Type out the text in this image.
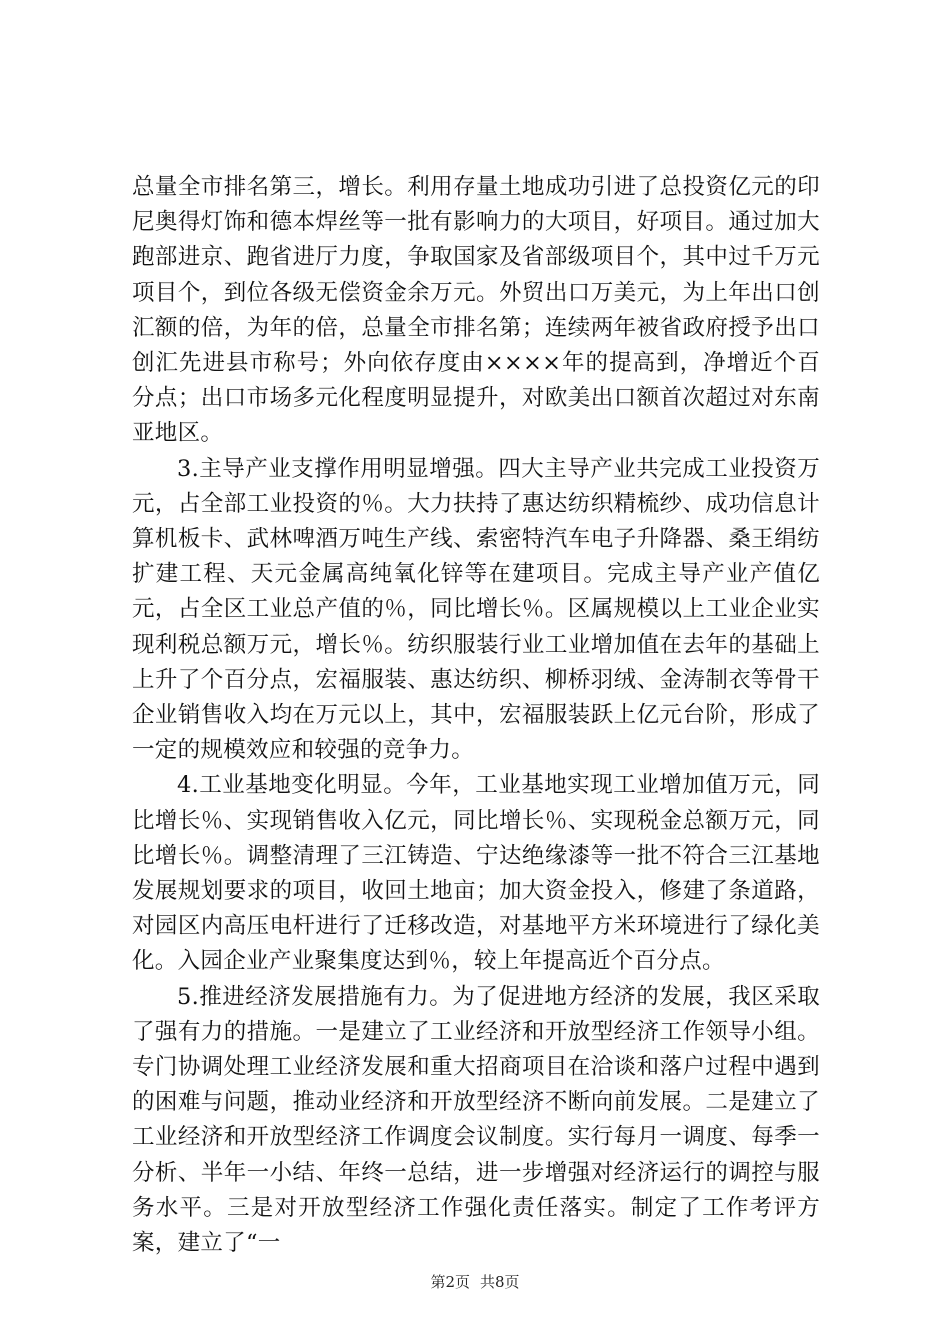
总量全市排名第三，增长。利用存量土地成功引进了总投资亿元的印尼奥得灯饰和德本焊丝等一批有影响力的大项目，好项目。通过加大跑部进京、跑省进厅力度，争取国家及省部级项目个，其中过千万元项目个，到位各级无偿资金余万元。外贸出口万美元，为上年出口创汇额的倍，为年的倍，总量全市排名第；连续两年被省政府授予出口创汇先进县市称号；外向依存度由××××年的提高到，净增近个百分点；出口市场多元化程度明显提升，对欧美出口额首次超过对东南亚地区。

3.主导产业支撑作用明显增强。四大主导产业共完成工业投资万元，占全部工业投资的％。大力扶持了惠达纺织精梳纱、成功信息计算机板卡、武林啤酒万吨生产线、索密特汽车电子升降器、桑王绢纺扩建工程、天元金属高纯氧化锌等在建项目。完成主导产业产值亿元，占全区工业总产值的％，同比增长％。区属规模以上工业企业实现利税总额万元，增长％。纺织服装行业工业增加值在去年的基础上上升了个百分点，宏福服装、惠达纺织、柳桥羽绒、金涛制衣等骨干企业销售收入均在万元以上，其中，宏福服装跃上亿元台阶，形成了一定的规模效应和较强的竞争力。

4.工业基地变化明显。今年，工业基地实现工业增加值万元，同比增长％、实现销售收入亿元，同比增长％、实现税金总额万元，同比增长％。调整清理了三江铸造、宁达绝缘漆等一批不符合三江基地发展规划要求的项目，收回土地亩；加大资金投入，修建了条道路，对园区内高压电杆进行了迁移改造，对基地平方米环境进行了绿化美化。入园企业产业聚集度达到％，较上年提高近个百分点。

5.推进经济发展措施有力。为了促进地方经济的发展，我区采取了强有力的措施。一是建立了工业经济和开放型经济工作领导小组。专门协调处理工业经济发展和重大招商项目在洽谈和落户过程中遇到的困难与问题，推动业经济和开放型经济不断向前发展。二是建立了工业经济和开放型经济工作调度会议制度。实行每月一调度、每季一分析、半年一小结、年终一总结，进一步增强对经济运行的调控与服务水平。三是对开放型经济工作强化责任落实。制定了工作考评方案，建立了“一

第2页 共8页
